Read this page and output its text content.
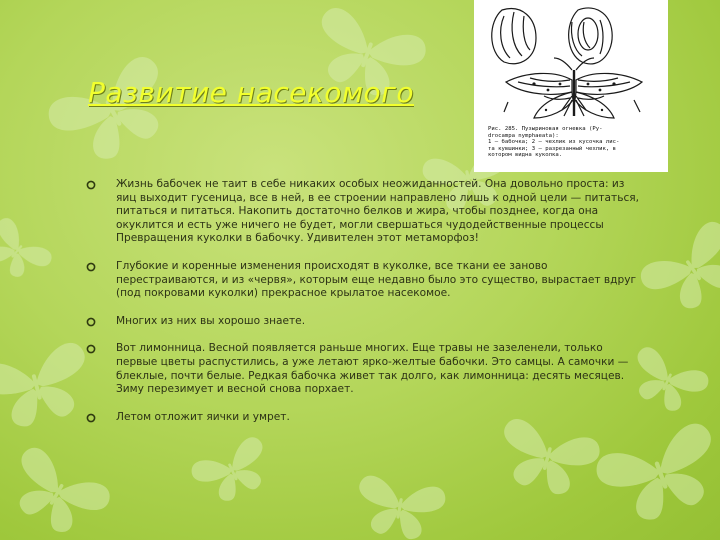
Развитие насекомого
Рис. 285. Пузыриновая огневка (Py-
drocampa nymphaeata):
1 — бабочка; 2 — чехлик из кусочка лис-
та кувшинки; 3 — разрезанный чехлик, в
котором видна куколка.
Жизнь бабочек не таит в себе никаких особых неожиданностей. Она довольно проста: из яиц выходит гусеница, все в ней, в ее строении направлено лишь к одной цели — питаться, питаться и питаться. Накопить достаточно белков и жира, чтобы позднее, когда она окуклится и есть уже ничего не будет, могли свершаться чудодейственные процессы Превращения куколки в бабочку. Удивителен этот метаморфоз!
Глубокие и коренные изменения происходят в куколке, все ткани ее заново перестраиваются, и из «червя», которым еще недавно было это существо, вырастает вдруг (под покровами куколки) прекрасное крылатое насекомое.
Многих из них вы хорошо знаете.
Вот лимонница. Весной появляется раньше многих. Еще травы не зазеленели, только первые цветы распустились, а уже летают ярко-желтые бабочки. Это самцы. А самочки — блеклые, почти белые. Редкая бабочка живет так долго, как лимонница: десять месяцев. Зиму перезимует и весной снова порхает.
Летом отложит яички и умрет.
